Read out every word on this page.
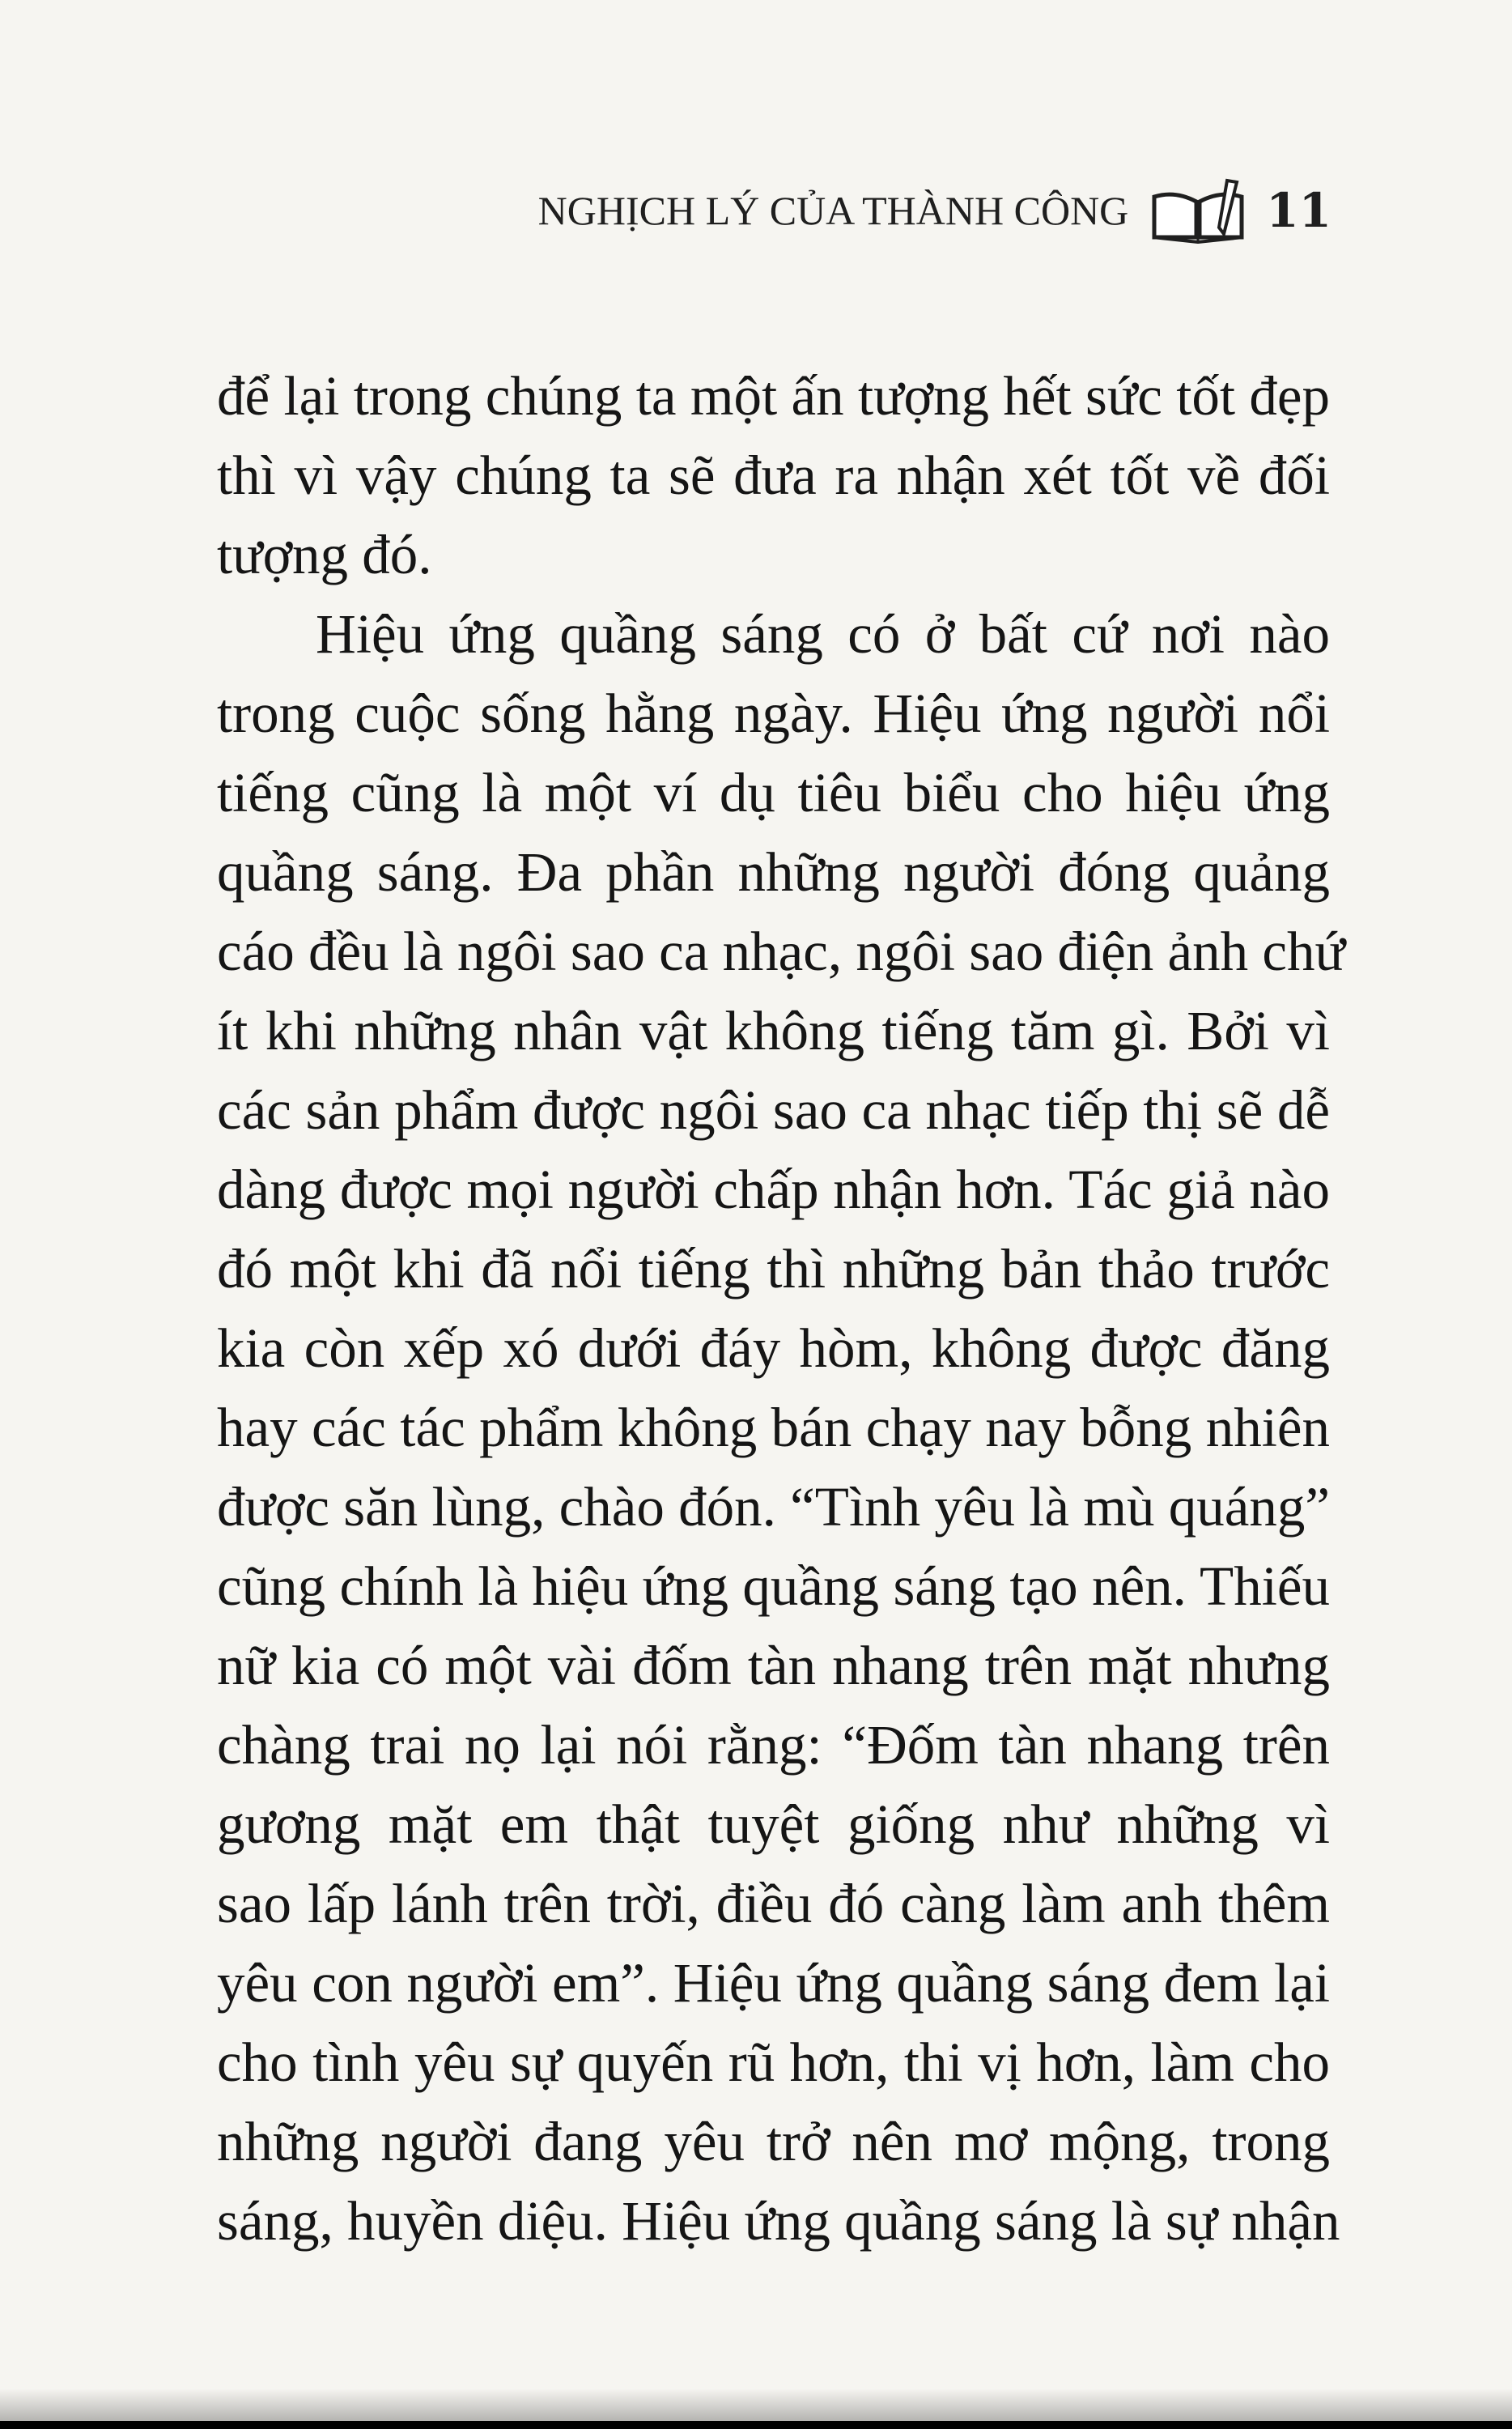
NGHỊCH LÝ CỦA THÀNH CÔNG	11

để lại trong chúng ta một ấn tượng hết sức tốt đẹp
thì vì vậy chúng ta sẽ đưa ra nhận xét tốt về đối
tượng đó.

Hiệu ứng quầng sáng có ở bất cứ nơi nào
trong cuộc sống hằng ngày. Hiệu ứng người nổi
tiếng cũng là một ví dụ tiêu biểu cho hiệu ứng
quầng sáng. Đa phần những người đóng quảng
cáo đều là ngôi sao ca nhạc, ngôi sao điện ảnh chứ
ít khi những nhân vật không tiếng tăm gì. Bởi vì
các sản phẩm được ngôi sao ca nhạc tiếp thị sẽ dễ
dàng được mọi người chấp nhận hơn. Tác giả nào
đó một khi đã nổi tiếng thì những bản thảo trước
kia còn xếp xó dưới đáy hòm, không được đăng
hay các tác phẩm không bán chạy nay bỗng nhiên
được săn lùng, chào đón. “Tình yêu là mù quáng”
cũng chính là hiệu ứng quầng sáng tạo nên. Thiếu
nữ kia có một vài đốm tàn nhang trên mặt nhưng
chàng trai nọ lại nói rằng: “Đốm tàn nhang trên
gương mặt em thật tuyệt giống như những vì
sao lấp lánh trên trời, điều đó càng làm anh thêm
yêu con người em”. Hiệu ứng quầng sáng đem lại
cho tình yêu sự quyến rũ hơn, thi vị hơn, làm cho
những người đang yêu trở nên mơ mộng, trong
sáng, huyền diệu. Hiệu ứng quầng sáng là sự nhận
